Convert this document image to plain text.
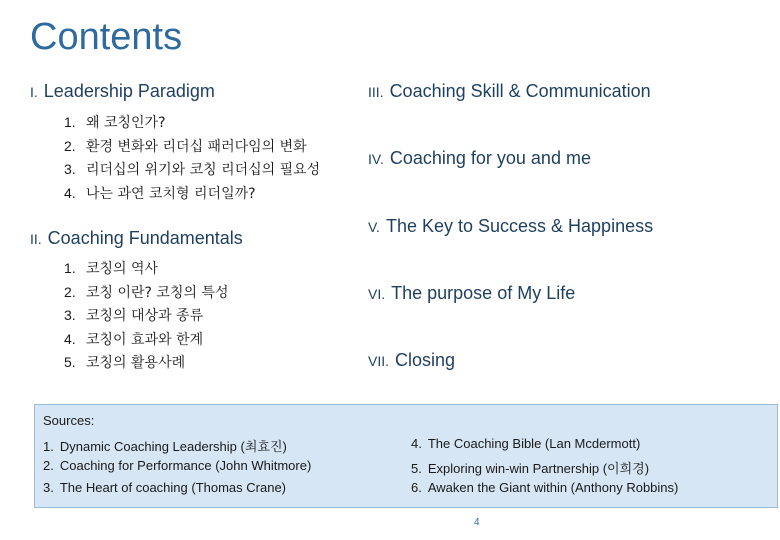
Contents
I. Leadership Paradigm
1. 왜 코칭인가?
2. 환경 변화와 리더십 패러다임의 변화
3. 리더십의 위기와 코칭 리더십의 필요성
4. 나는 과연 코치형 리더일까?
II. Coaching Fundamentals
1. 코칭의 역사
2. 코칭 이란? 코칭의 특성
3. 코칭의 대상과 종류
4. 코칭이 효과와 한계
5. 코칭의 활용사례
III. Coaching Skill & Communication
IV. Coaching for you and me
V. The Key to Success & Happiness
VI. The purpose of My Life
VII. Closing
Sources:
1. Dynamic Coaching Leadership (최효진)
2. Coaching for Performance (John Whitmore)
3. The Heart of coaching (Thomas Crane)
4. The Coaching Bible (Lan Mcdermott)
5. Exploring win-win Partnership (이희경)
6. Awaken the Giant within (Anthony Robbins)
4
